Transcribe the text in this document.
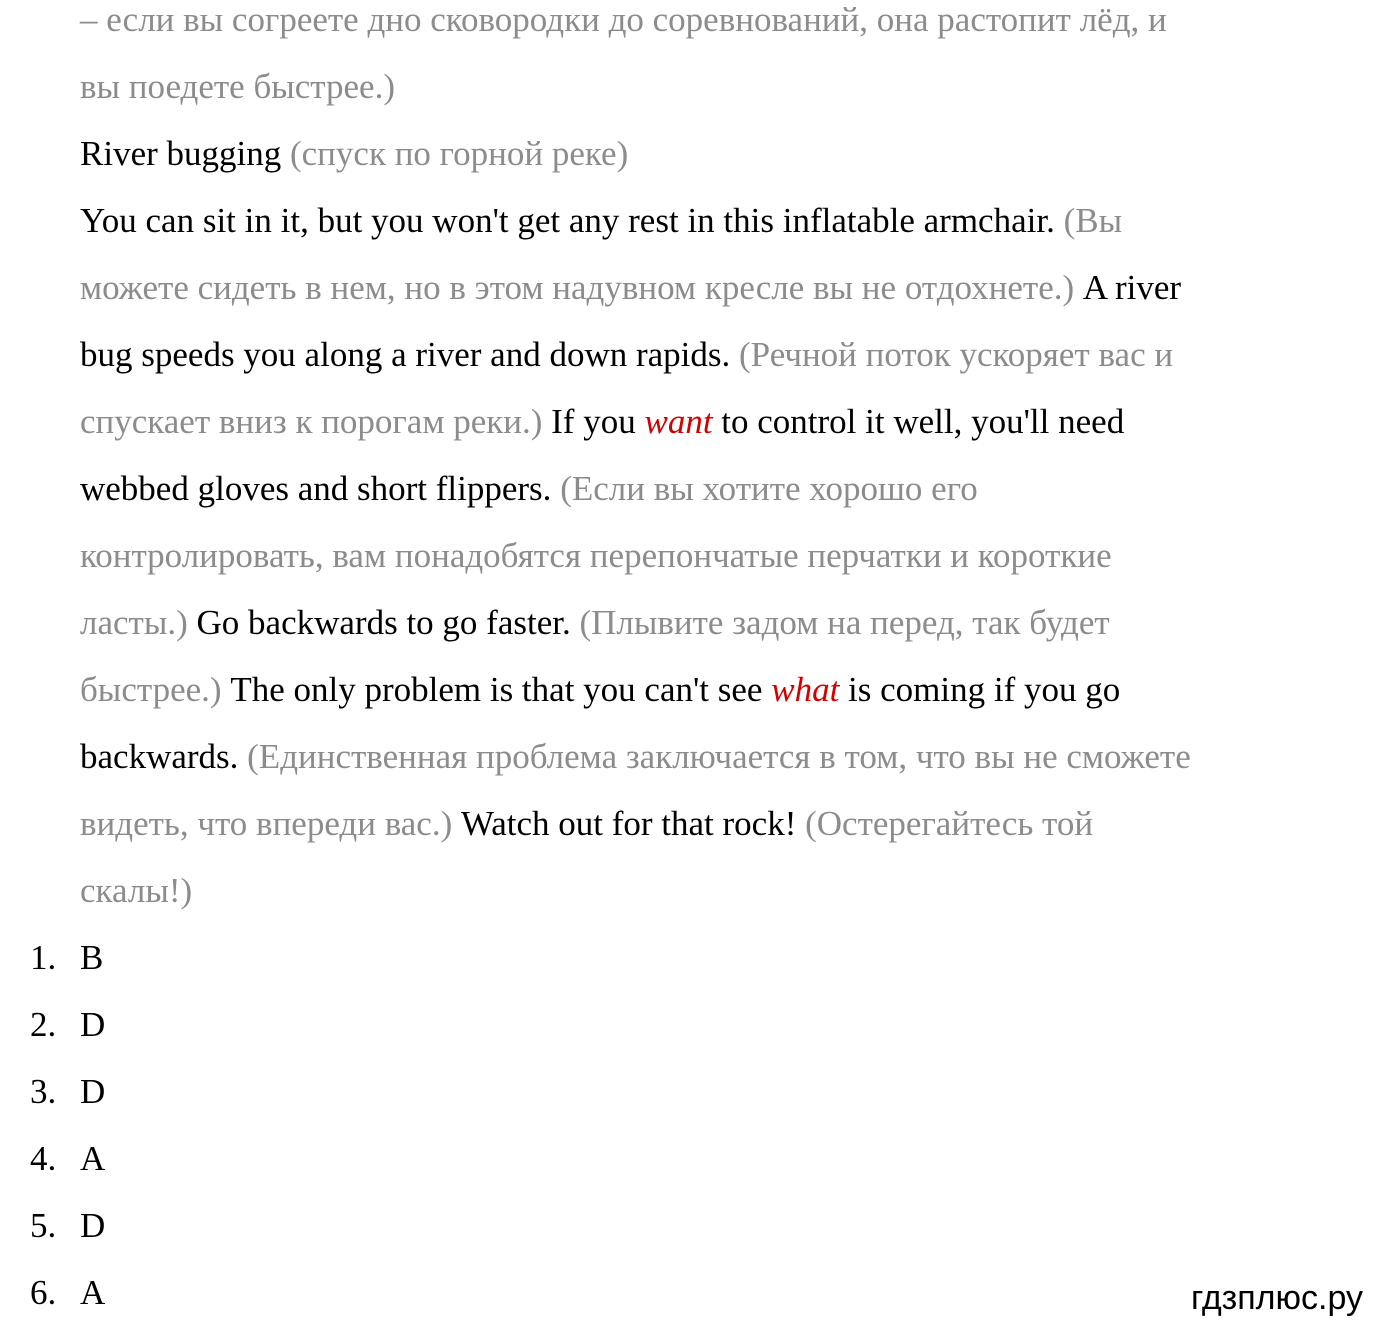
– если вы согреете дно сковородки до соревнований, она растопит лёд, и
вы поедете быстрее.)
River bugging (спуск по горной реке)
You can sit in it, but you won't get any rest in this inflatable armchair. (Вы
можете сидеть в нем, но в этом надувном кресле вы не отдохнете.) A river
bug speeds you along a river and down rapids. (Речной поток ускоряет вас и
спускает вниз к порогам реки.) If you want to control it well, you'll need
webbed gloves and short flippers. (Если вы хотите хорошо его
контролировать, вам понадобятся перепончатые перчатки и короткие
ласты.) Go backwards to go faster. (Плывите задом на перед, так будет
быстрее.) The only problem is that you can't see what is coming if you go
backwards. (Единственная проблема заключается в том, что вы не сможете
видеть, что впереди вас.) Watch out for that rock! (Остерегайтесь той
скалы!)
1. B
2. D
3. D
4. A
5. D
6. A	гдзплюс.ру
